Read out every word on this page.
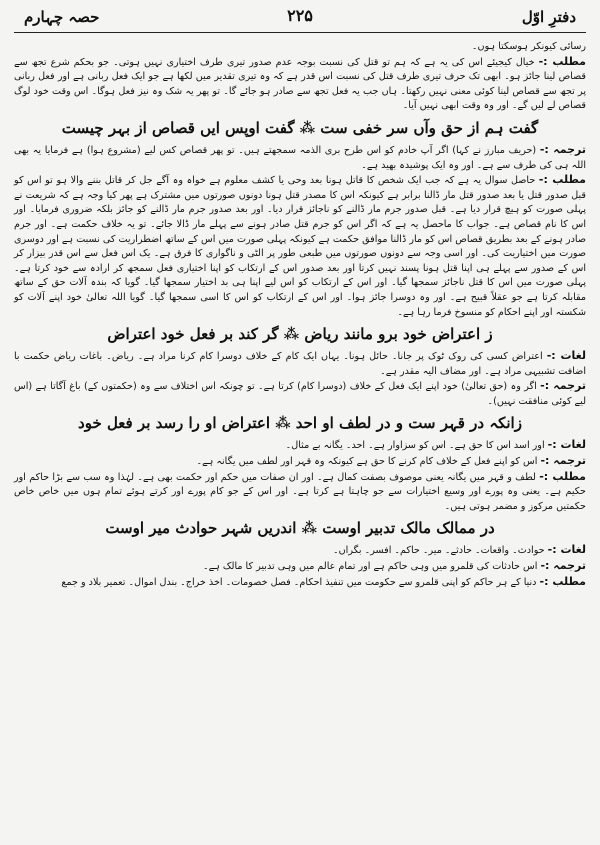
دفترِ اوّل
۲۲۵
حصہ چہارم

رسائی کیونکر ہوسکتا ہوں۔

مطلب :- خیال کیجیئے اس کی یہ ہے کہ ہم تو قتل کی نسبت بوجہ عدم صدور تیری طرف اختیاری نہیں ہوتی۔ جو بحکم شرع تجھ سے قصاص لینا جائز ہو۔ ابھی تک حرف تیری طرف قتل کی نسبت اس قدر ہے کہ وہ تیری تقدیر میں لکھا ہے جو ایک فعل ربانی ہے اور فعل ربانی پر تجھ سے قصاص لینا کوئی معنی نہیں رکھتا۔ ہاں جب یہ فعل تجھ سے صادر ہو جائے گا۔ تو پھر یہ شک وہ نیز فعل ہوگا۔ اس وقت خود لوگ قصاص لے لیں گے۔ اور وہ وقت ابھی نہیں آیا۔

گفت ہم از حق وآں سر خفی ست ⁂ گفت اوپس ایں قصاص از بہر چیست

ترجمہ :- (حریف مبارز نے کہا) اگر آپ خادم کو اس طرح بری الذمہ سمجھتے ہیں۔ تو پھر قصاص کس لیے (مشروع ہوا) ہے فرمایا یہ بھی اللہ ہی کی طرف سے ہے۔ اور وہ ایک پوشیدہ بھید ہے۔

مطلب :- حاصل سوال یہ ہے کہ جب ایک شخص کا قاتل ہونا بعد وحی یا کشف معلوم ہے خواہ وہ آگے جل کر قاتل بننے والا ہو تو اس کو قبل صدور قتل یا بعد صدور قتل مار ڈالنا برابر ہے کیونکہ اس کا مصدر قتل ہونا دونوں صورتوں میں مشترک ہے پھر کیا وجہ ہے کہ شریعت نے پہلی صورت کو ہیچ قرار دیا ہے۔ قبل صدور جرم مار ڈالنے کو ناجائز قرار دیا۔ اور بعد صدور جرم مار ڈالنے کو جائز بلکہ ضروری فرمایا۔ اور اس کا نام قصاص ہے۔ جواب کا ماحصل یہ ہے کہ اگر اس کو جرم قتل صادر ہونے سے پہلے مار ڈالا جائے۔ تو یہ خلاف حکمت ہے۔ اور جرم صادر ہونے کے بعد بطریق قصاص اس کو مار ڈالنا موافق حکمت ہے کیونکہ پہلی صورت میں اس کے ساتھ اضطراریت کی نسبت ہے اور دوسری صورت میں اختیاریت کی۔ اور اسی وجہ سے دونوں صورتوں میں طبعی طور پر الٹی و ناگواری کا فرق ہے۔ یک اس فعل سے اس قدر بیزار کر اس کے صدور سے پہلے ہی اپنا قتل ہونا پسند نہیں کرتا اور بعد صدور اس کے ارتکاب کو اپنا اختیاری فعل سمجھ کر ارادہ سے خود کرتا ہے۔ پہلی صورت میں اس کا قتل ناجائز سمجھا گیا۔ اور اس کے ارتکاب کو اس لیے اپنا ہی بد اختیار سمجھا گیا۔ گویا کہ بندہ آلات حق کے ساتھ مقابلہ کرتا ہے جو عقلاً قبیح ہے۔ اور وہ دوسرا جائز ہوا۔ اور اس کے ارتکاب کو اس کا اسی سمجھا گیا۔ گویا اللہ تعالیٰ خود اپنے آلات کو شکستہ اور اپنے احکام کو منسوخ فرما رہا ہے۔

ز اعتراض خود برو مانند ریاض ⁂ گر کند بر فعل خود اعتراض

لغات :- اعتراض کسی کی روک ٹوک پر جانا۔ حائل ہونا۔ یہاں ایک کام کے خلاف دوسرا کام کرنا مراد ہے۔ ریاض۔ باغات ریاض حکمت با اضافت تشبیہی مراد ہے۔ اور مضاف الیہ مقدر ہے۔

ترجمہ :- اگر وہ (حق تعالیٰ) خود اپنے ایک فعل کے خلاف (دوسرا کام) کرتا ہے۔ تو چونکہ اس اختلاف سے وہ (حکمتوں کے) باغ آگاتا ہے (اس لیے کوئی منافقت نہیں)۔

زانکہ در قہر ست و در لطف او احد ⁂ اعتراض او را رسد بر فعل خود

لغات :- اور اسد اس کا حق ہے۔ اس کو سزاوار ہے۔ احد۔ یگانہ بے مثال۔

ترجمہ :- اس کو اپنے فعل کے خلاف کام کرنے کا حق ہے کیونکہ وہ قہر اور لطف میں یگانہ ہے۔

مطلب :- لطف و قہر میں یگانہ یعنی موصوف بصفت کمال ہے۔ اور ان صفات میں حکم اور حکمت بھی ہے۔ لہٰذا وہ سب سے بڑا حاکم اور حکیم ہے۔ یعنی وہ پورے اور وسیع اختیارات سے جو چاہتا ہے کرتا ہے۔ اور اس کے جو کام پورے اور کرتے ہوئے تمام ہوں میں خاص خاص حکمتیں مرکوز و مضمر ہوتی ہیں۔

در ممالک مالک تدبیر اوست ⁂ اندریں شہر حوادث میر اوست

لغات :- حوادث۔ واقعات۔ حادثے۔ میر۔ حاکم۔ افسر۔ بگراں۔

ترجمہ :- اس حادثات کی قلمرو میں وہی حاکم ہے اور تمام عالم میں وہی تدبیر کا مالک ہے۔

مطلب :- دنیا کے ہر حاکم کو اپنی قلمرو سے حکومت میں تنفیذ احکام۔ فصل خصومات۔ اخذ خراج۔ بندل اموال۔ تعمیر بلاد و جمع
